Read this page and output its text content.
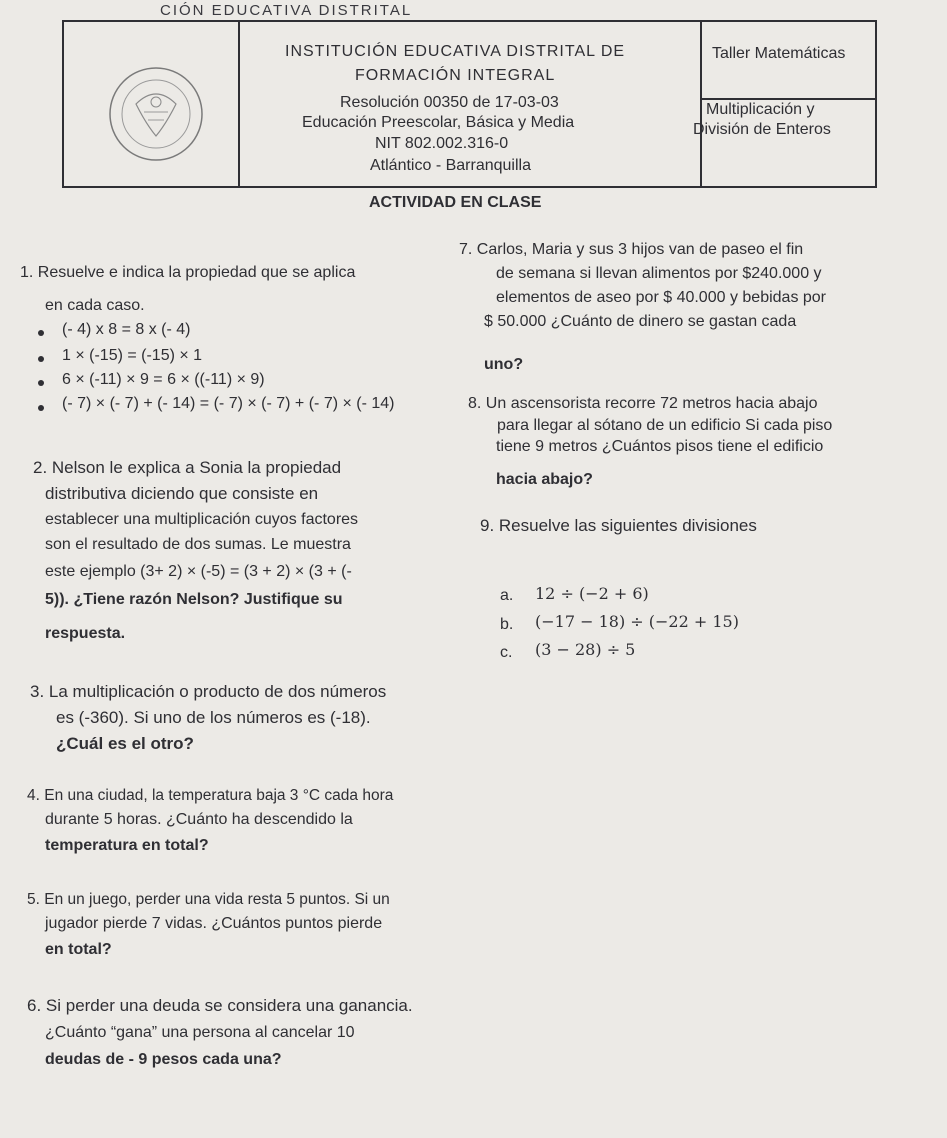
CIÓN EDUCATIVA DISTRITAL
INSTITUCIÓN EDUCATIVA DISTRITAL DE
FORMACIÓN INTEGRAL
Resolución 00350 de 17-03-03
Educación Preescolar, Básica y Media
NIT 802.002.316-0
Atlántico - Barranquilla
Taller Matemáticas
Multiplicación y
División de Enteros
ACTIVIDAD EN CLASE
1. Resuelve e indica la propiedad que se aplica
en cada caso.
(- 4) x 8 = 8 x (- 4)
1 × (-15) = (-15) × 1
6 × (-11) × 9 = 6 × ((-11) × 9)
(- 7) × (- 7) + (- 14) = (- 7) × (- 7) + (- 7) × (- 14)
2. Nelson le explica a Sonia la propiedad
distributiva diciendo que consiste en
establecer una multiplicación cuyos factores
son el resultado de dos sumas. Le muestra
este ejemplo (3+ 2) × (-5) = (3 + 2) × (3 + (-
5)). ¿Tiene razón Nelson? Justifique su
respuesta.
3. La multiplicación o producto de dos números
es (-360). Si uno de los números es (-18).
¿Cuál es el otro?
4. En una ciudad, la temperatura baja 3 °C cada hora
durante 5 horas. ¿Cuánto ha descendido la
temperatura en total?
5. En un juego, perder una vida resta 5 puntos. Si un
jugador pierde 7 vidas. ¿Cuántos puntos pierde
en total?
6. Si perder una deuda se considera una ganancia.
¿Cuánto “gana” una persona al cancelar 10
deudas de - 9 pesos cada una?
7. Carlos, Maria y sus 3 hijos van de paseo el fin
de semana si llevan alimentos por $240.000 y
elementos de aseo por $ 40.000 y bebidas por
$ 50.000 ¿Cuánto de dinero se gastan cada
uno?
8. Un ascensorista recorre 72 metros hacia abajo
para llegar al sótano de un edificio Si cada piso
tiene 9 metros ¿Cuántos pisos tiene el edificio
hacia abajo?
9. Resuelve las siguientes divisiones
a. 12 ÷ (−2 + 6)
b. (−17 − 18) ÷ (−22 + 15)
c. (3 − 28) ÷ 5
